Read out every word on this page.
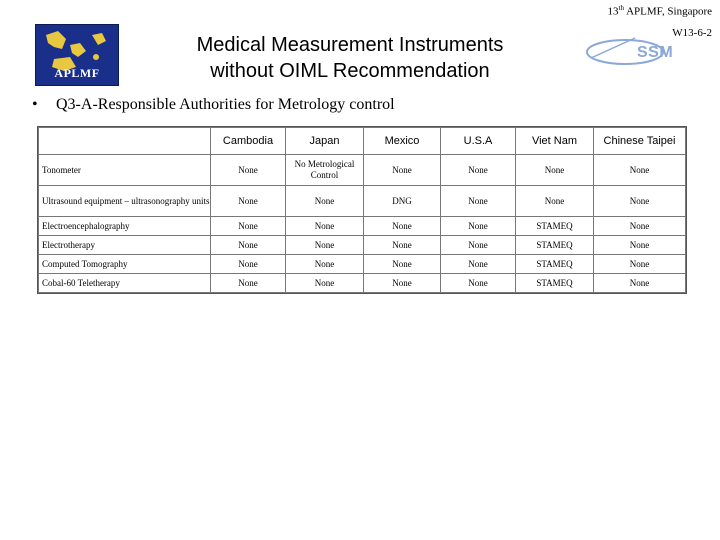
13th APLMF, Singapore
W13-6-2
APLMF
SSM
Medical Measurement Instruments
without OIML Recommendation
• Q3-A-Responsible Authorities for Metrology control
	Cambodia	Japan	Mexico	U.S.A	Viet Nam	Chinese Taipei
Tonometer	None	No Metrological Control	None	None	None	None
Ultrasound equipment – ultrasonography units	None	None	DNG	None	None	None
Electroencephalography	None	None	None	None	STAMEQ	None
Electrotherapy	None	None	None	None	STAMEQ	None
Computed Tomography	None	None	None	None	STAMEQ	None
Cobal-60 Teletherapy	None	None	None	None	STAMEQ	None
